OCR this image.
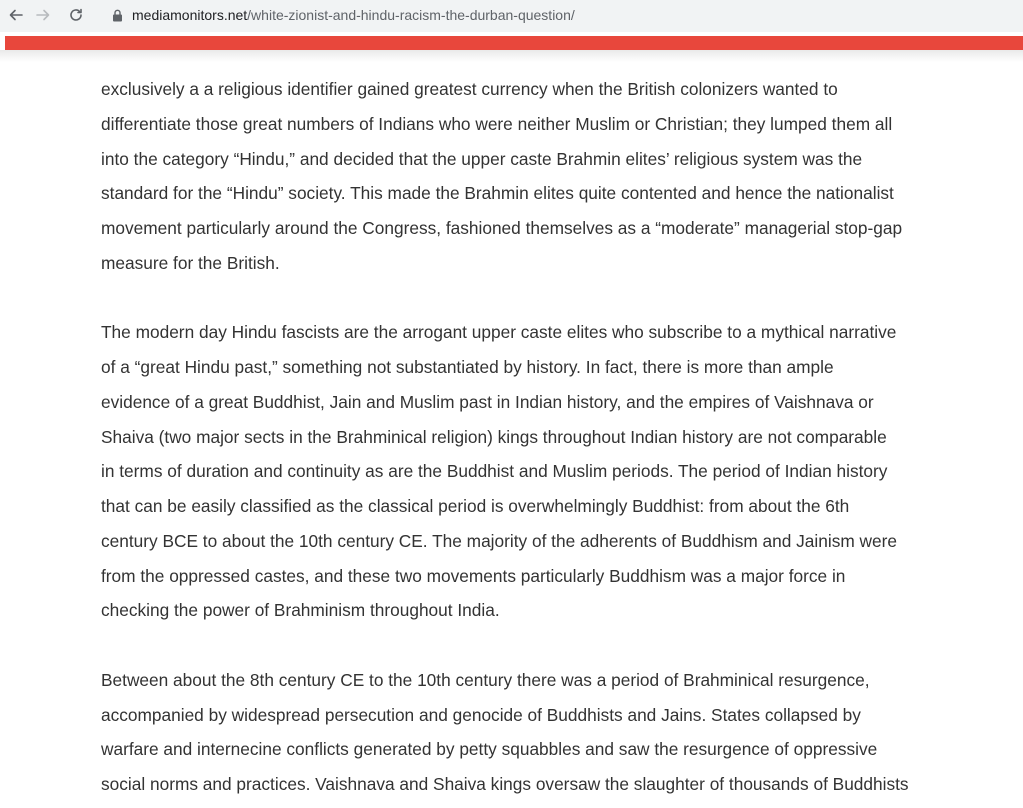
mediamonitors.net/white-zionist-and-hindu-racism-the-durban-question/
exclusively a a religious identifier gained greatest currency when the British colonizers wanted to
differentiate those great numbers of Indians who were neither Muslim or Christian; they lumped them all
into the category “Hindu,” and decided that the upper caste Brahmin elites’ religious system was the
standard for the “Hindu” society. This made the Brahmin elites quite contented and hence the nationalist
movement particularly around the Congress, fashioned themselves as a “moderate” managerial stop-gap
measure for the British.
The modern day Hindu fascists are the arrogant upper caste elites who subscribe to a mythical narrative
of a “great Hindu past,” something not substantiated by history. In fact, there is more than ample
evidence of a great Buddhist, Jain and Muslim past in Indian history, and the empires of Vaishnava or
Shaiva (two major sects in the Brahminical religion) kings throughout Indian history are not comparable
in terms of duration and continuity as are the Buddhist and Muslim periods. The period of Indian history
that can be easily classified as the classical period is overwhelmingly Buddhist: from about the 6th
century BCE to about the 10th century CE. The majority of the adherents of Buddhism and Jainism were
from the oppressed castes, and these two movements particularly Buddhism was a major force in
checking the power of Brahminism throughout India.
Between about the 8th century CE to the 10th century there was a period of Brahminical resurgence,
accompanied by widespread persecution and genocide of Buddhists and Jains. States collapsed by
warfare and internecine conflicts generated by petty squabbles and saw the resurgence of oppressive
social norms and practices. Vaishnava and Shaiva kings oversaw the slaughter of thousands of Buddhists
